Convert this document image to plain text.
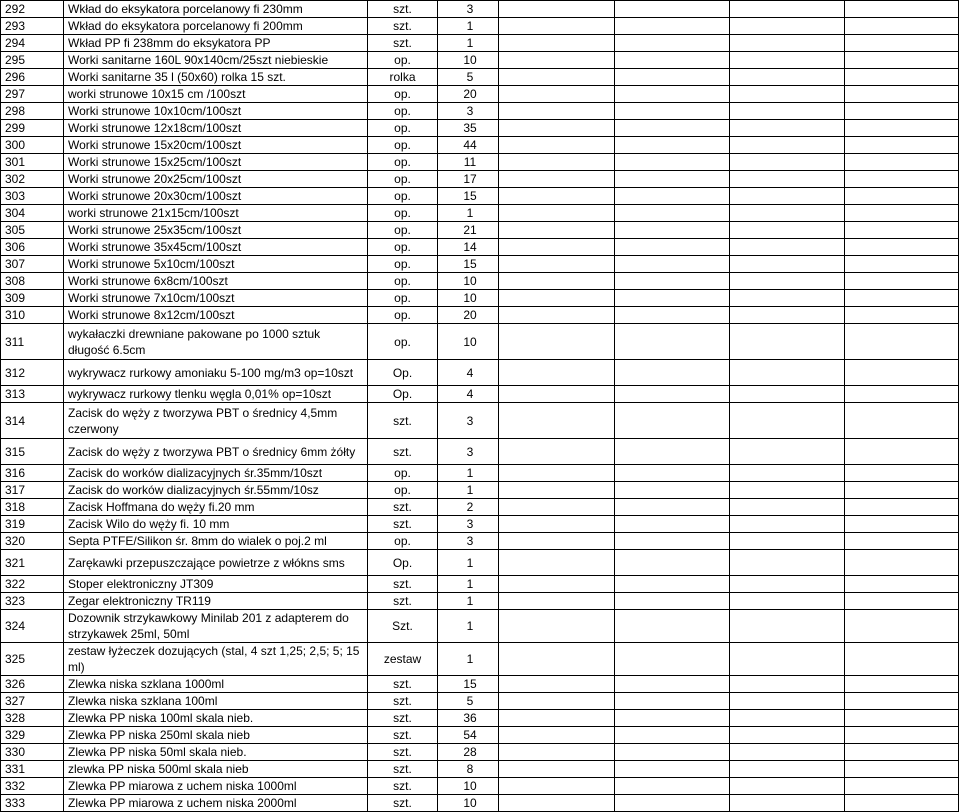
292	Wkład do eksykatora porcelanowy fi 230mm	szt.	3				
293	Wkład do eksykatora porcelanowy fi 200mm	szt.	1				
294	Wkład PP fi 238mm do eksykatora PP	szt.	1				
295	Worki sanitarne 160L 90x140cm/25szt niebieskie	op.	10				
296	Worki sanitarne 35 l (50x60) rolka 15 szt.	rolka	5				
297	worki strunowe 10x15 cm /100szt	op.	20				
298	Worki strunowe 10x10cm/100szt	op.	3				
299	Worki strunowe 12x18cm/100szt	op.	35				
300	Worki strunowe 15x20cm/100szt	op.	44				
301	Worki strunowe 15x25cm/100szt	op.	11				
302	Worki strunowe 20x25cm/100szt	op.	17				
303	Worki strunowe 20x30cm/100szt	op.	15				
304	worki strunowe 21x15cm/100szt	op.	1				
305	Worki strunowe 25x35cm/100szt	op.	21				
306	Worki strunowe 35x45cm/100szt	op.	14				
307	Worki strunowe 5x10cm/100szt	op.	15				
308	Worki strunowe 6x8cm/100szt	op.	10				
309	Worki strunowe 7x10cm/100szt	op.	10				
310	Worki strunowe 8x12cm/100szt	op.	20				
311	wykałaczki drewniane pakowane po 1000 sztuk długość 6.5cm	op.	10				
312	wykrywacz rurkowy amoniaku 5-100 mg/m3 op=10szt	Op.	4				
313	wykrywacz rurkowy tlenku węgla 0,01% op=10szt	Op.	4				
314	Zacisk do węży z tworzywa PBT o średnicy 4,5mm czerwony	szt.	3				
315	Zacisk do węży z tworzywa PBT o średnicy 6mm żółty	szt.	3				
316	Zacisk do worków dializacyjnych śr.35mm/10szt	op.	1				
317	Zacisk do worków dializacyjnych śr.55mm/10sz	op.	1				
318	Zacisk Hoffmana do węży fi.20 mm	szt.	2				
319	Zacisk Wilo do węży fi. 10 mm	szt.	3				
320	Septa PTFE/Silikon śr. 8mm do wialek o poj.2 ml	op.	3				
321	Zarękawki przepuszczające powietrze z włókns sms	Op.	1				
322	Stoper elektroniczny JT309	szt.	1				
323	Zegar elektroniczny TR119	szt.	1				
324	Dozownik strzykawkowy Minilab 201 z adapterem do strzykawek 25ml, 50ml	Szt.	1				
325	zestaw łyżeczek dozujących (stal, 4 szt 1,25; 2,5; 5; 15 ml)	zestaw	1				
326	Zlewka niska szklana 1000ml	szt.	15				
327	Zlewka niska szklana 100ml	szt.	5				
328	Zlewka PP niska 100ml skala nieb.	szt.	36				
329	Zlewka PP niska 250ml skala nieb	szt.	54				
330	Zlewka PP niska 50ml skala nieb.	szt.	28				
331	zlewka PP niska 500ml skala nieb	szt.	8				
332	Zlewka PP miarowa z uchem niska 1000ml	szt.	10				
333	Zlewka PP miarowa z uchem niska 2000ml	szt.	10				
